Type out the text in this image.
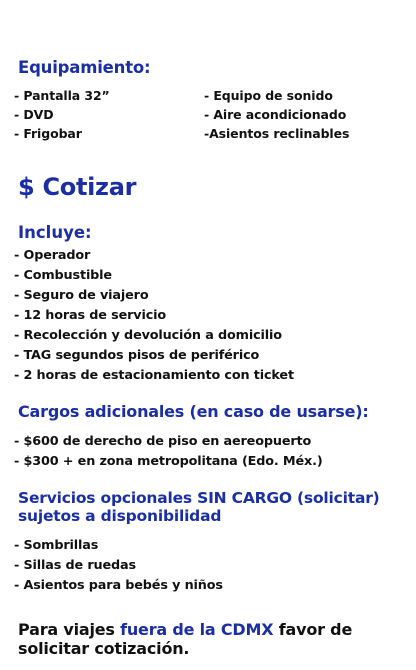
Equipamiento:
- Pantalla 32”	- Equipo de sonido
- DVD	- Aire acondicionado
- Frigobar	-Asientos reclinables
$ Cotizar
Incluye:
- Operador
- Combustible
- Seguro de viajero
- 12 horas de servicio
- Recolección y devolución a domicilio
- TAG segundos pisos de periférico
- 2 horas de estacionamiento con ticket
Cargos adicionales (en caso de usarse):
- $600 de derecho de piso en aereopuerto
- $300 + en zona metropolitana (Edo. Méx.)
Servicios opcionales SIN CARGO (solicitar) sujetos a disponibilidad
- Sombrillas
- Sillas de ruedas
- Asientos para bebés y niños

Para viajes fuera de la CDMX favor de solicitar cotización.
